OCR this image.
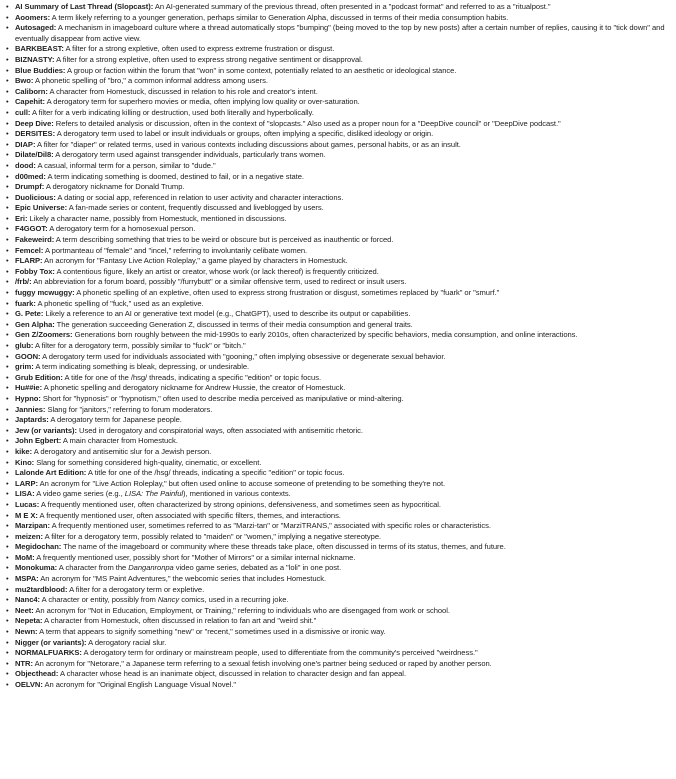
• AI Summary of Last Thread (Slopcast): An AI-generated summary of the previous thread, often presented in a "podcast format" and referred to as a "ritualpost."
• Aoomers: A term likely referring to a younger generation, perhaps similar to Generation Alpha, discussed in terms of their media consumption habits.
• Autosaged: A mechanism in imageboard culture where a thread automatically stops "bumping" (being moved to the top by new posts) after a certain number of replies, causing it to "tick down" and eventually disappear from active view.
• BARKBEAST: A filter for a strong expletive, often used to express extreme frustration or disgust.
• BIZNASTY: A filter for a strong expletive, often used to express strong negative sentiment or disapproval.
• Blue Buddies: A group or faction within the forum that "won" in some context, potentially related to an aesthetic or ideological stance.
• Bwo: A phonetic spelling of "bro," a common informal address among users.
• Caliborn: A character from Homestuck, discussed in relation to his role and creator's intent.
• Capehit: A derogatory term for superhero movies or media, often implying low quality or over-saturation.
• cull: A filter for a verb indicating killing or destruction, used both literally and hyperbolically.
• Deep Dive: Refers to detailed analysis or discussion, often in the context of "slopcasts." Also used as a proper noun for a "DeepDive council" or "DeepDive podcast."
• DERSITES: A derogatory term used to label or insult individuals or groups, often implying a specific, disliked ideology or origin.
• DIAP: A filter for "diaper" or related terms, used in various contexts including discussions about games, personal habits, or as an insult.
• Dilate/Dil8: A derogatory term used against transgender individuals, particularly trans women.
• dood: A casual, informal term for a person, similar to "dude."
• d00med: A term indicating something is doomed, destined to fail, or in a negative state.
• Drumpf: A derogatory nickname for Donald Trump.
• Duolicious: A dating or social app, referenced in relation to user activity and character interactions.
• Epic Universe: A fan-made series or content, frequently discussed and liveblogged by users.
• Eri: Likely a character name, possibly from Homestuck, mentioned in discussions.
• F4GGOT: A derogatory term for a homosexual person.
• Fakeweird: A term describing something that tries to be weird or obscure but is perceived as inauthentic or forced.
• Femcel: A portmanteau of "female" and "incel," referring to involuntarily celibate women.
• FLARP: An acronym for "Fantasy Live Action Roleplay," a game played by characters in Homestuck.
• Fobby Tox: A contentious figure, likely an artist or creator, whose work (or lack thereof) is frequently criticized.
• /frb/: An abbreviation for a forum board, possibly "/furrybutt" or a similar offensive term, used to redirect or insult users.
• fuggy mcwuggy: A phonetic spelling of an expletive, often used to express strong frustration or disgust, sometimes replaced by "fuark" or "smurf."
• fuark: A phonetic spelling of "fuck," used as an expletive.
• G. Pete: Likely a reference to an AI or generative text model (e.g., ChatGPT), used to describe its output or capabilities.
• Gen Alpha: The generation succeeding Generation Z, discussed in terms of their media consumption and general traits.
• Gen Z/Zoomers: Generations born roughly between the mid-1990s to early 2010s, often characterized by specific behaviors, media consumption, and online interactions.
• glub: A filter for a derogatory term, possibly similar to "fuck" or "bitch."
• GOON: A derogatory term used for individuals associated with "gooning," often implying obsessive or degenerate sexual behavior.
• grim: A term indicating something is bleak, depressing, or undesirable.
• Grub Edition: A title for one of the /hsg/ threads, indicating a specific "edition" or topic focus.
• Hu##ie: A phonetic spelling and derogatory nickname for Andrew Hussie, the creator of Homestuck.
• Hypno: Short for "hypnosis" or "hypnotism," often used to describe media perceived as manipulative or mind-altering.
• Jannies: Slang for "janitors," referring to forum moderators.
• Japtards: A derogatory term for Japanese people.
• Jew (or variants): Used in derogatory and conspiratorial ways, often associated with antisemitic rhetoric.
• John Egbert: A main character from Homestuck.
• kike: A derogatory and antisemitic slur for a Jewish person.
• Kino: Slang for something considered high-quality, cinematic, or excellent.
• Lalonde Art Edition: A title for one of the /hsg/ threads, indicating a specific "edition" or topic focus.
• LARP: An acronym for "Live Action Roleplay," but often used online to accuse someone of pretending to be something they're not.
• LISA: A video game series (e.g., LISA: The Painful), mentioned in various contexts.
• Lucas: A frequently mentioned user, often characterized by strong opinions, defensiveness, and sometimes seen as hypocritical.
• M E X: A frequently mentioned user, often associated with specific filters, themes, and interactions.
• Marzipan: A frequently mentioned user, sometimes referred to as "Marzi-tan" or "MarziTRANS," associated with specific roles or characteristics.
• meizen: A filter for a derogatory term, possibly related to "maiden" or "women," implying a negative stereotype.
• Megidochan: The name of the imageboard or community where these threads take place, often discussed in terms of its status, themes, and future.
• MoM: A frequently mentioned user, possibly short for "Mother of Mirrors" or a similar internal nickname.
• Monokuma: A character from the Danganronpa video game series, debated as a "loli" in one post.
• MSPA: An acronym for "MS Paint Adventures," the webcomic series that includes Homestuck.
• mu2tardblood: A filter for a derogatory term or expletive.
• Nanc4: A character or entity, possibly from Nancy comics, used in a recurring joke.
• Neet: An acronym for "Not in Education, Employment, or Training," referring to individuals who are disengaged from work or school.
• Nepeta: A character from Homestuck, often discussed in relation to fan art and "weird shit."
• Newn: A term that appears to signify something "new" or "recent," sometimes used in a dismissive or ironic way.
• Nigger (or variants): A derogatory racial slur.
• NORMALFUARKS: A derogatory term for ordinary or mainstream people, used to differentiate from the community's perceived "weirdness."
• NTR: An acronym for "Netorare," a Japanese term referring to a sexual fetish involving one's partner being seduced or raped by another person.
• Objecthead: A character whose head is an inanimate object, discussed in relation to character design and fan appeal.
• OELVN: An acronym for "Original English Language Visual Novel."
